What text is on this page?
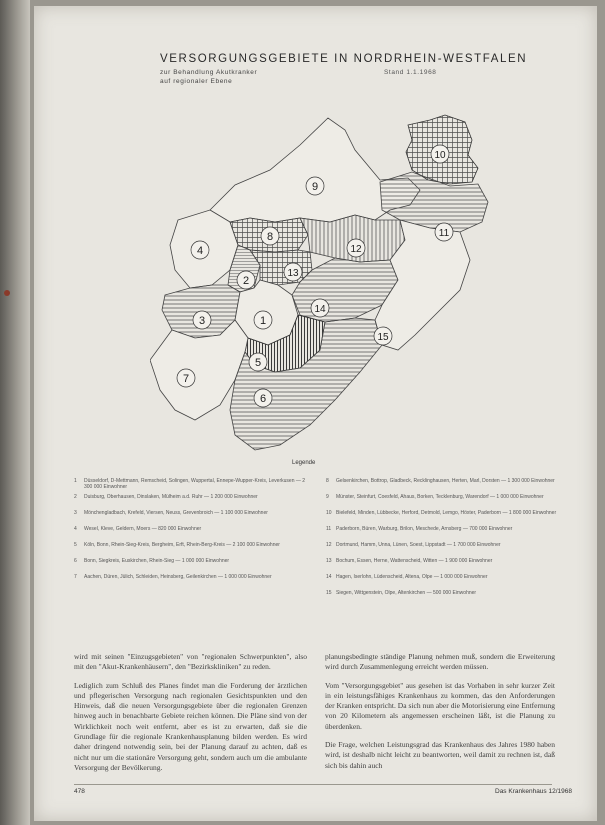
VERSORGUNGSGEBIETE IN NORDRHEIN-WESTFALEN
zur Behandlung Akutkranker
auf regionaler Ebene
Stand 1.1.1968
1
2
3
4
5
6
7
8
9
10
11
12
13
14
15
Legende
1	Düsseldorf, D-Mettmann, Remscheid, Solingen, Wuppertal, Ennepe-Wupper-Kreis, Leverkusen — 2 300 000 Einwohner
2	Duisburg, Oberhausen, Dinslaken, Mülheim a.d. Ruhr — 1 200 000 Einwohner
3	Mönchengladbach, Krefeld, Viersen, Neuss, Grevenbroich — 1 100 000 Einwohner
4	Wesel, Kleve, Geldern, Moers — 820 000 Einwohner
5	Köln, Bonn, Rhein-Sieg-Kreis, Bergheim, Erft, Rhein-Berg-Kreis — 2 100 000 Einwohner
6	Bonn, Siegkreis, Euskirchen, Rhein-Sieg — 1 000 000 Einwohner
7	Aachen, Düren, Jülich, Schleiden, Heinsberg, Geilenkirchen — 1 000 000 Einwohner
8	Gelsenkirchen, Bottrop, Gladbeck, Recklinghausen, Herten, Marl, Dorsten — 1 300 000 Einwohner
9	Münster, Steinfurt, Coesfeld, Ahaus, Borken, Tecklenburg, Warendorf — 1 000 000 Einwohner
10 Bielefeld, Minden, Lübbecke, Herford, Detmold, Lemgo, Höxter, Paderborn — 1 800 000 Einwohner
11 Paderborn, Büren, Warburg, Brilon, Meschede, Arnsberg — 700 000 Einwohner
12 Dortmund, Hamm, Unna, Lünen, Soest, Lippstadt — 1 700 000 Einwohner
13 Bochum, Essen, Herne, Wattenscheid, Witten — 1 900 000 Einwohner
14 Hagen, Iserlohn, Lüdenscheid, Altena, Olpe — 1 000 000 Einwohner
15 Siegen, Wittgenstein, Olpe, Altenkirchen — 500 000 Einwohner

wird mit seinen "Einzugsgebieten" von "regionalen Schwerpunkten", also mit den "Akut-Krankenhäusern", den "Bezirkskliniken" zu reden.

Lediglich zum Schluß des Planes findet man die Forderung der ärztlichen und pflegerischen Versorgung nach regionalen Gesichtspunkten und den Hinweis, daß die neuen Versorgungsgebiete über die regionalen Grenzen hinweg auch in benachbarte Gebiete reichen können. Die Pläne sind von der Wirklichkeit noch weit entfernt, aber es ist zu erwarten, daß sie die Grundlage für die regionale Krankenhausplanung bilden werden. Es wird daher dringend notwendig sein, bei der Planung darauf zu achten, daß es nicht nur um die stationäre Versorgung geht, sondern auch um die ambulante Versorgung der Bevölkerung.

planungsbedingte ständige Planung nehmen muß, sondern die Erweiterung wird durch Zusammenlegung erreicht werden müssen.

Vom "Versorgungsgebiet" aus gesehen ist das Vorhaben in sehr kurzer Zeit in ein leistungsfähiges Krankenhaus zu kommen, das den Anforderungen der Kranken entspricht. Da sich nun aber die Motorisierung eine Entfernung von 20 Kilometern als angemessen erscheinen läßt, ist die Planung zu überdenken.

Die Frage, welchen Leistungsgrad das Krankenhaus des Jahres 1980 haben wird, ist deshalb nicht leicht zu beantworten, weil damit zu rechnen ist, daß sich bis dahin auch

478	Das Krankenhaus 12/1968
